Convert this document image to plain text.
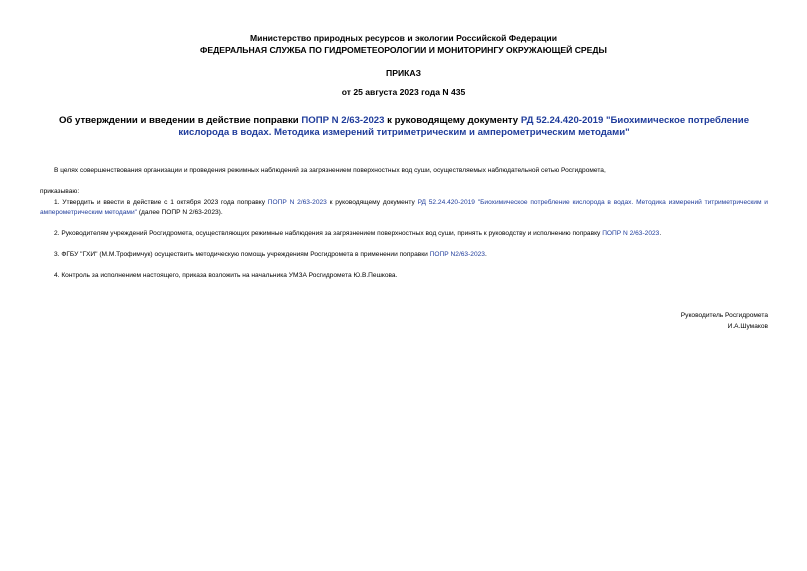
Министерство природных ресурсов и экологии Российской Федерации
ФЕДЕРАЛЬНАЯ СЛУЖБА ПО ГИДРОМЕТЕОРОЛОГИИ И МОНИТОРИНГУ ОКРУЖАЮЩЕЙ СРЕДЫ
ПРИКАЗ
от 25 августа 2023 года N 435
Об утверждении и введении в действие поправки ПОПР N 2/63-2023 к руководящему документу РД 52.24.420-2019 "Биохимическое потребление кислорода в водах. Методика измерений титриметрическим и амперометрическим методами"
В целях совершенствования организации и проведения режимных наблюдений за загрязнением поверхностных вод суши, осуществляемых наблюдательной сетью Росгидромета,
приказываю:
1. Утвердить и ввести в действие с 1 октября 2023 года поправку ПОПР N 2/63-2023 к руководящему документу РД 52.24.420-2019 "Биохимическое потребление кислорода в водах. Методика измерений титриметрическим и амперометрическим методами" (далее ПОПР N 2/63-2023).
2. Руководителям учреждений Росгидромета, осуществляющих режимные наблюдения за загрязнением поверхностных вод суши, принять к руководству и исполнению поправку ПОПР N 2/63-2023.
3. ФГБУ "ГХИ" (М.М.Трофимчук) осуществить методическую помощь учреждениям Росгидромета в применении поправки ПОПР N2/63-2023.
4. Контроль за исполнением настоящего, приказа возложить на начальника УМЗА Росгидромета Ю.В.Пешкова.
Руководитель Росгидромета
И.А.Шумаков
